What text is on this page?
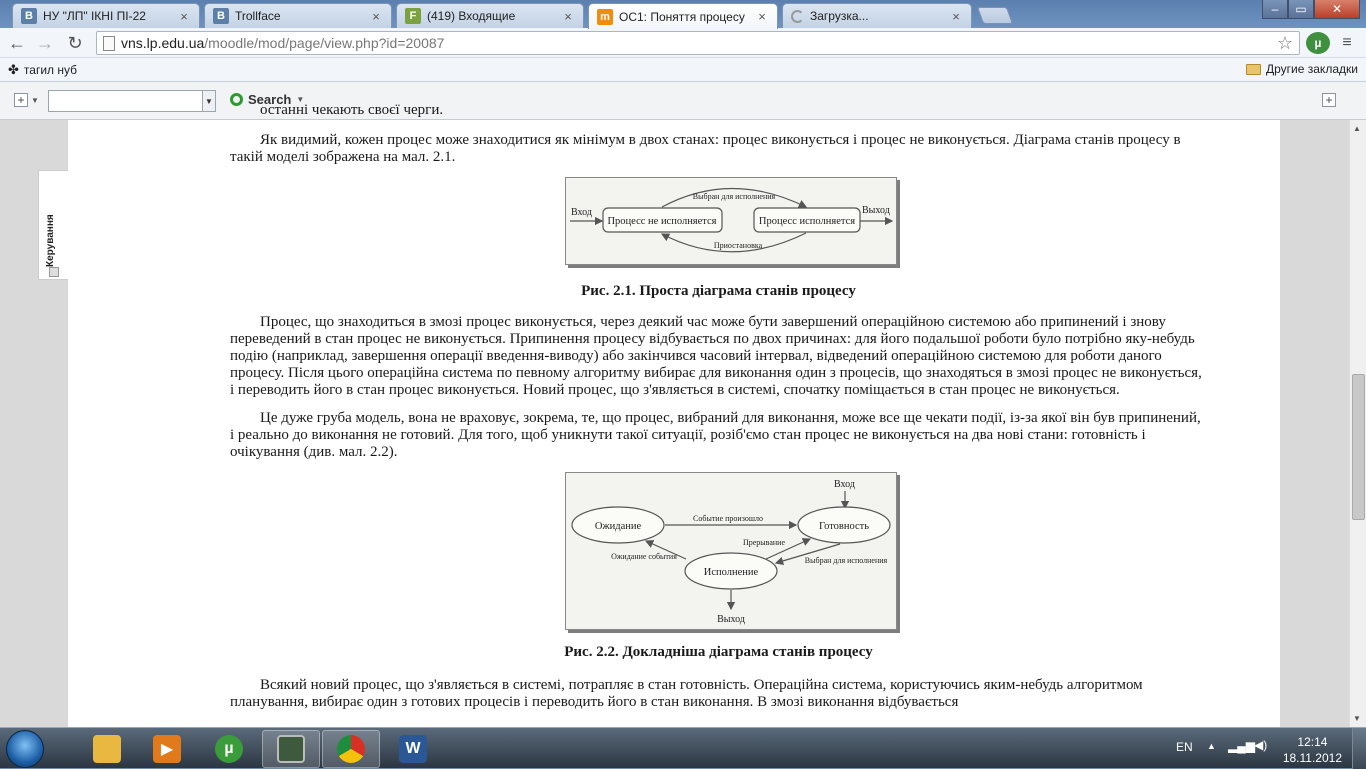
B НУ "ЛП" ІКНІ ПІ-22	×	B Trollface	×	F (419) Входящие	×	m ОС1: Поняття процесу	×	Загрузка...	×	–	▭	✕
← → ↻	vns.lp.edu.ua /moodle/mod/page/view.php?id=20087	☆	µ	≡
✤ тагил нуб	Другие закладки
+ ▼	▼	Search ▼	+
Керування
останні чекають своєї черги.
Як видимий, кожен процес може знаходитися як мінімум в двох станах: процес виконується і процес не виконується. Діаграма станів процесу в такій моделі зображена на мал. 2.1.
Вход
Процесс не исполняется	Процесс исполняется
Выход
Выбран для исполнения
Приостановка
Рис. 2.1. Проста діаграма станів процесу
Процес, що знаходиться в змозі процес виконується, через деякий час може бути завершений операційною системою або припинений і знову переведений в стан процес не виконується. Припинення процесу відбувається по двох причинах: для його подальшої роботи було потрібно яку-небудь подію (наприклад, завершення операції введення-виводу) або закінчився часовий інтервал, відведений операційною системою для роботи даного процесу. Після цього операційна система по певному алгоритму вибирає для виконання один з процесів, що знаходяться в змозі процес не виконується, і переводить його в стан процес виконується. Новий процес, що з'являється в системі, спочатку поміщається в стан процес не виконується.
Це дуже груба модель, вона не враховує, зокрема, те, що процес, вибраний для виконання, може все ще чекати події, із-за якої він був припинений, і реально до виконання не готовий. Для того, щоб уникнути такої ситуації, розіб'ємо стан процес не виконується на два нові стани: готовність і очікування (див. мал. 2.2).
Вход
Ожидание	Готовность
Исполнение
Событие произошло
Прерывание
Ожидание события	Выбран для исполнения
Выход
Рис. 2.2. Докладніша діаграма станів процесу
Всякий новий процес, що з'являється в системі, потрапляє в стан готовність. Операційна система, користуючись яким-небудь алгоритмом планування, вибирає один з готових процесів і переводить його в стан виконання. В змозі виконання відбувається
▲
▼
▶	µ	W	EN ▲ ▂▄▆ ◀)	12:14
18.11.2012
